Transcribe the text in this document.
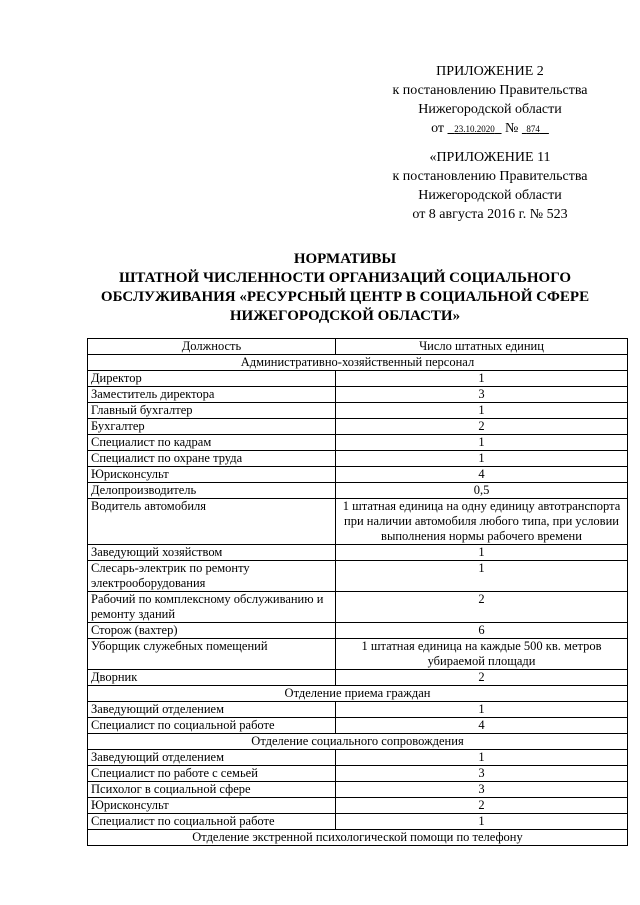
ПРИЛОЖЕНИЕ 2
к постановлению Правительства
Нижегородской области
от 23.10.2020 № 874
«ПРИЛОЖЕНИЕ 11
к постановлению Правительства
Нижегородской области
от 8 августа 2016 г. № 523
НОРМАТИВЫ
ШТАТНОЙ ЧИСЛЕННОСТИ ОРГАНИЗАЦИЙ СОЦИАЛЬНОГО
ОБСЛУЖИВАНИЯ «РЕСУРСНЫЙ ЦЕНТР В СОЦИАЛЬНОЙ СФЕРЕ
НИЖЕГОРОДСКОЙ ОБЛАСТИ»
Должность	Число штатных единиц
Административно-хозяйственный персонал	
Директор	1
Заместитель директора	3
Главный бухгалтер	1
Бухгалтер	2
Специалист по кадрам	1
Специалист по охране труда	1
Юрисконсульт	4
Делопроизводитель	0,5
Водитель автомобиля	1 штатная единица на одну единицу автотранспорта при наличии автомобиля любого типа, при условии выполнения нормы рабочего времени
Заведующий хозяйством	1
Слесарь-электрик по ремонту электрооборудования	1
Рабочий по комплексному обслуживанию и ремонту зданий	2
Сторож (вахтер)	6
Уборщик служебных помещений	1 штатная единица на каждые 500 кв. метров убираемой площади
Дворник	2
Отделение приема граждан	
Заведующий отделением	1
Специалист по социальной работе	4
Отделение социального сопровождения	
Заведующий отделением	1
Специалист по работе с семьей	3
Психолог в социальной сфере	3
Юрисконсульт	2
Специалист по социальной работе	1
Отделение экстренной психологической помощи по телефону	
